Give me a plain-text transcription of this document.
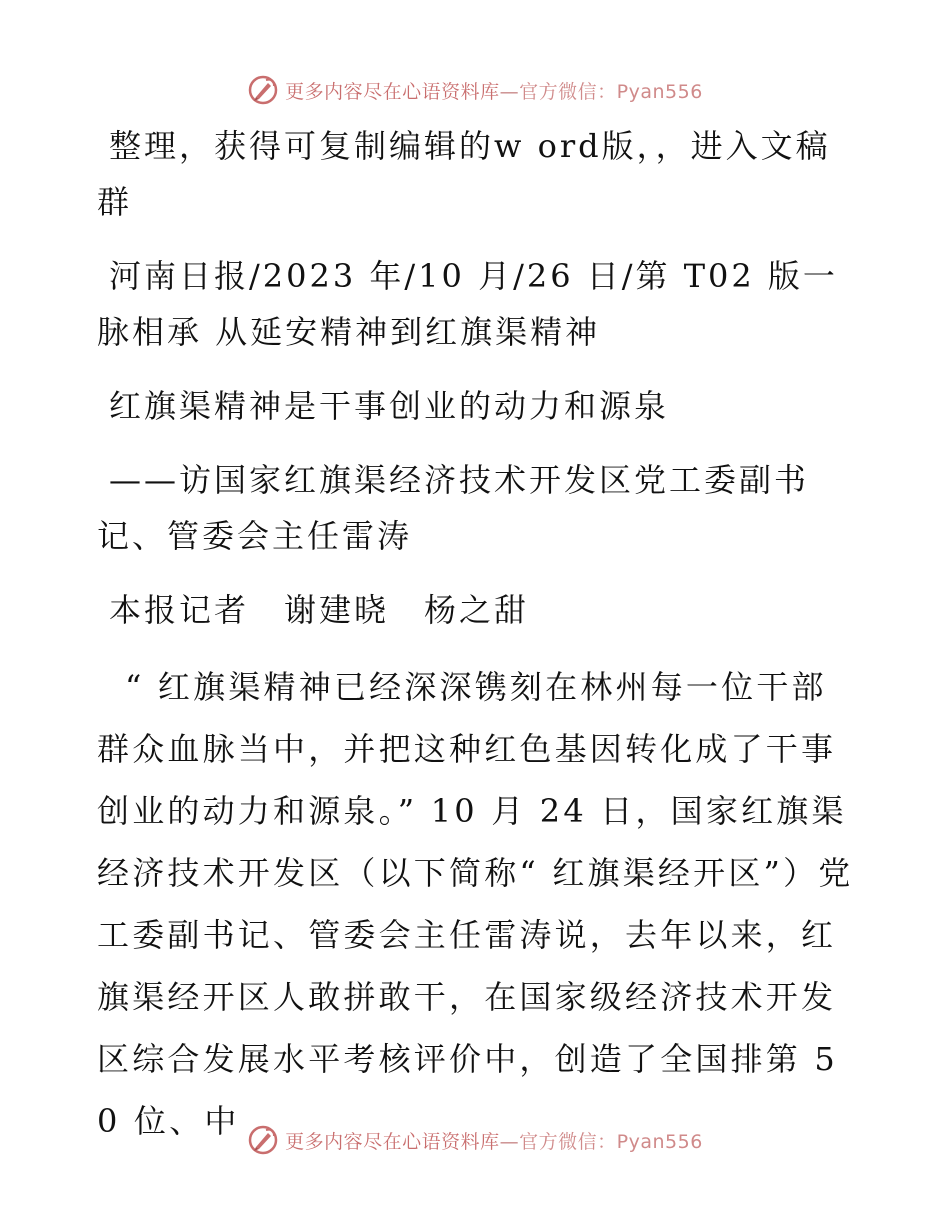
更多内容尽在心语资料库—官方微信：Pyan556

整理，获得可复制编辑的w ord版，，进入文稿群

河南日报/2023 年/10 月/26 日/第 T02 版一脉相承 从延安精神到红旗渠精神

红旗渠精神是干事创业的动力和源泉

——访国家红旗渠经济技术开发区党工委副书记、管委会主任雷涛

本报记者　谢建晓　杨之甜

“ 红旗渠精神已经深深镌刻在林州每一位干部群众血脉当中，并把这种红色基因转化成了干事创业的动力和源泉。” 10 月 24 日，国家红旗渠经济技术开发区（以下简称“ 红旗渠经开区”）党工委副书记、管委会主任雷涛说，去年以来，红旗渠经开区人敢拼敢干，在国家级经济技术开发区综合发展水平考核评价中，创造了全国排第 50 位、中

更多内容尽在心语资料库—官方微信：Pyan556
